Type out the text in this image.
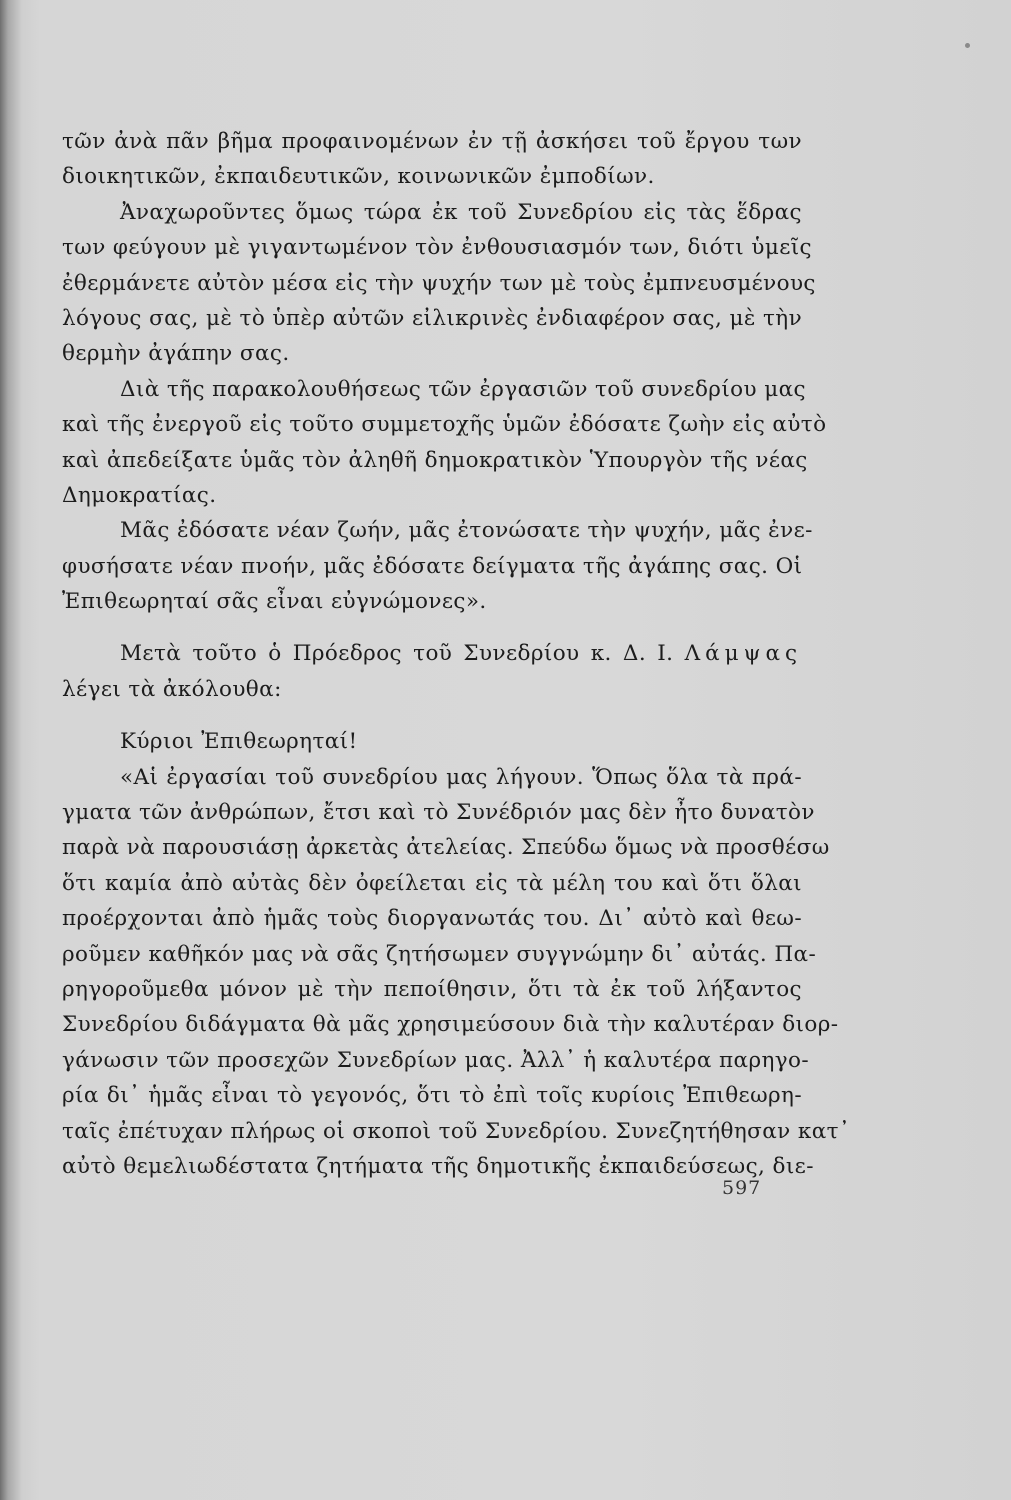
τῶν ἀνὰ πᾶν βῆμα προφαινομένων ἐν τῇ ἀσκήσει τοῦ ἔργου των
διοικητικῶν, ἐκπαιδευτικῶν, κοινωνικῶν ἐμποδίων.
Ἀναχωροῦντες ὅμως τώρα ἐκ τοῦ Συνεδρίου εἰς τὰς ἕδρας
των φεύγουν μὲ γιγαντωμένον τὸν ἐνθουσιασμόν των, διότι ὑμεῖς
ἐθερμάνετε αὐτὸν μέσα εἰς τὴν ψυχήν των μὲ τοὺς ἐμπνευσμένους
λόγους σας, μὲ τὸ ὑπὲρ αὐτῶν εἰλικρινὲς ἐνδιαφέρον σας, μὲ τὴν
θερμὴν ἀγάπην σας.
Διὰ τῆς παρακολουθήσεως τῶν ἐργασιῶν τοῦ συνεδρίου μας
καὶ τῆς ἐνεργοῦ εἰς τοῦτο συμμετοχῆς ὑμῶν ἐδόσατε ζωὴν εἰς αὐτὸ
καὶ ἀπεδείξατε ὑμᾶς τὸν ἀληθῆ δημοκρατικὸν Ὑπουργὸν τῆς νέας
Δημοκρατίας.
Μᾶς ἐδόσατε νέαν ζωήν, μᾶς ἐτονώσατε τὴν ψυχήν, μᾶς ἐνε-
φυσήσατε νέαν πνοήν, μᾶς ἐδόσατε δείγματα τῆς ἀγάπης σας. Οἱ
Ἐπιθεωρηταί σᾶς εἶναι εὐγνώμονες».
Μετὰ τοῦτο ὁ Πρόεδρος τοῦ Συνεδρίου κ. Δ. Ι. Λάμψας
λέγει τὰ ἀκόλουθα:
Κύριοι Ἐπιθεωρηταί!
«Αἱ ἐργασίαι τοῦ συνεδρίου μας λήγουν. Ὅπως ὅλα τὰ πρά-
γματα τῶν ἀνθρώπων, ἔτσι καὶ τὸ Συνέδριόν μας δὲν ἦτο δυνατὸν
παρὰ νὰ παρουσιάσῃ ἀρκετὰς ἀτελείας. Σπεύδω ὅμως νὰ προσθέσω
ὅτι καμία ἀπὸ αὐτὰς δὲν ὀφείλεται εἰς τὰ μέλη του καὶ ὅτι ὅλαι
προέρχονται ἀπὸ ἡμᾶς τοὺς διοργανωτάς του. Δι᾽ αὐτὸ καὶ θεω-
ροῦμεν καθῆκόν μας νὰ σᾶς ζητήσωμεν συγγνώμην δι᾽ αὐτάς. Πα-
ρηγοροῦμεθα μόνον μὲ τὴν πεποίθησιν, ὅτι τὰ ἐκ τοῦ λήξαντος
Συνεδρίου διδάγματα θὰ μᾶς χρησιμεύσουν διὰ τὴν καλυτέραν διορ-
γάνωσιν τῶν προσεχῶν Συνεδρίων μας. Ἀλλ᾽ ἡ καλυτέρα παρηγο-
ρία δι᾽ ἡμᾶς εἶναι τὸ γεγονός, ὅτι τὸ ἐπὶ τοῖς κυρίοις Ἐπιθεωρη-
ταῖς ἐπέτυχαν πλήρως οἱ σκοποὶ τοῦ Συνεδρίου. Συνεζητήθησαν κατ᾽
αὐτὸ θεμελιωδέστατα ζητήματα τῆς δημοτικῆς ἐκπαιδεύσεως, διε-
597
